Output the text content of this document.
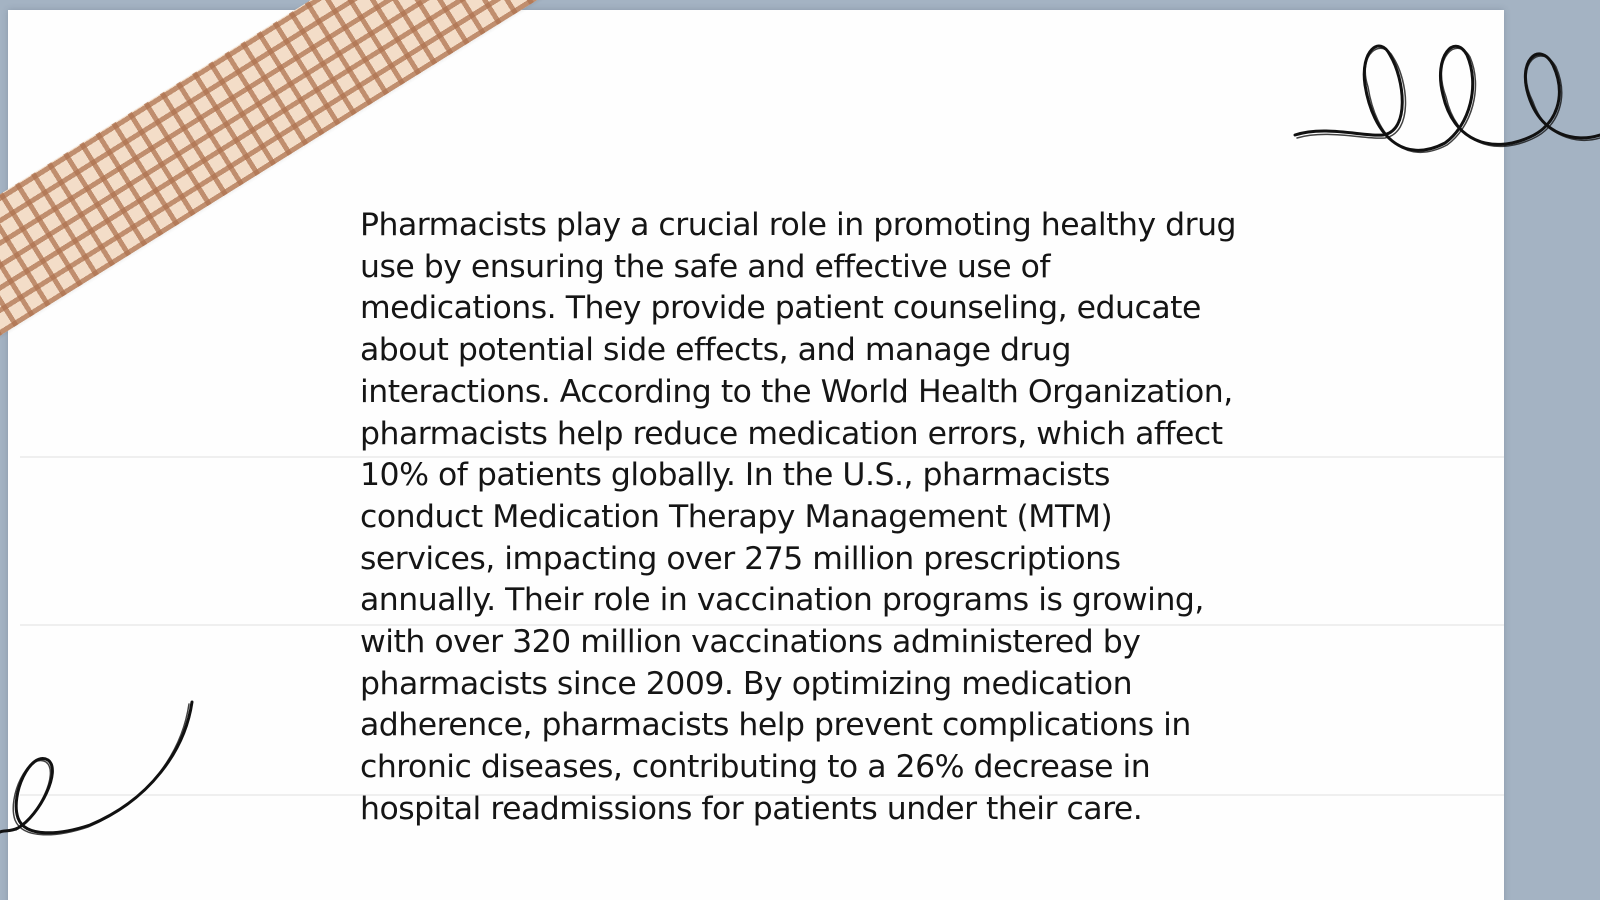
Pharmacists play a crucial role in promoting healthy drug use by ensuring the safe and effective use of medications. They provide patient counseling, educate about potential side effects, and manage drug interactions. According to the World Health Organization, pharmacists help reduce medication errors, which affect 10% of patients globally. In the U.S., pharmacists conduct Medication Therapy Management (MTM) services, impacting over 275 million prescriptions annually. Their role in vaccination programs is growing, with over 320 million vaccinations administered by pharmacists since 2009. By optimizing medication adherence, pharmacists help prevent complications in chronic diseases, contributing to a 26% decrease in hospital readmissions for patients under their care.
